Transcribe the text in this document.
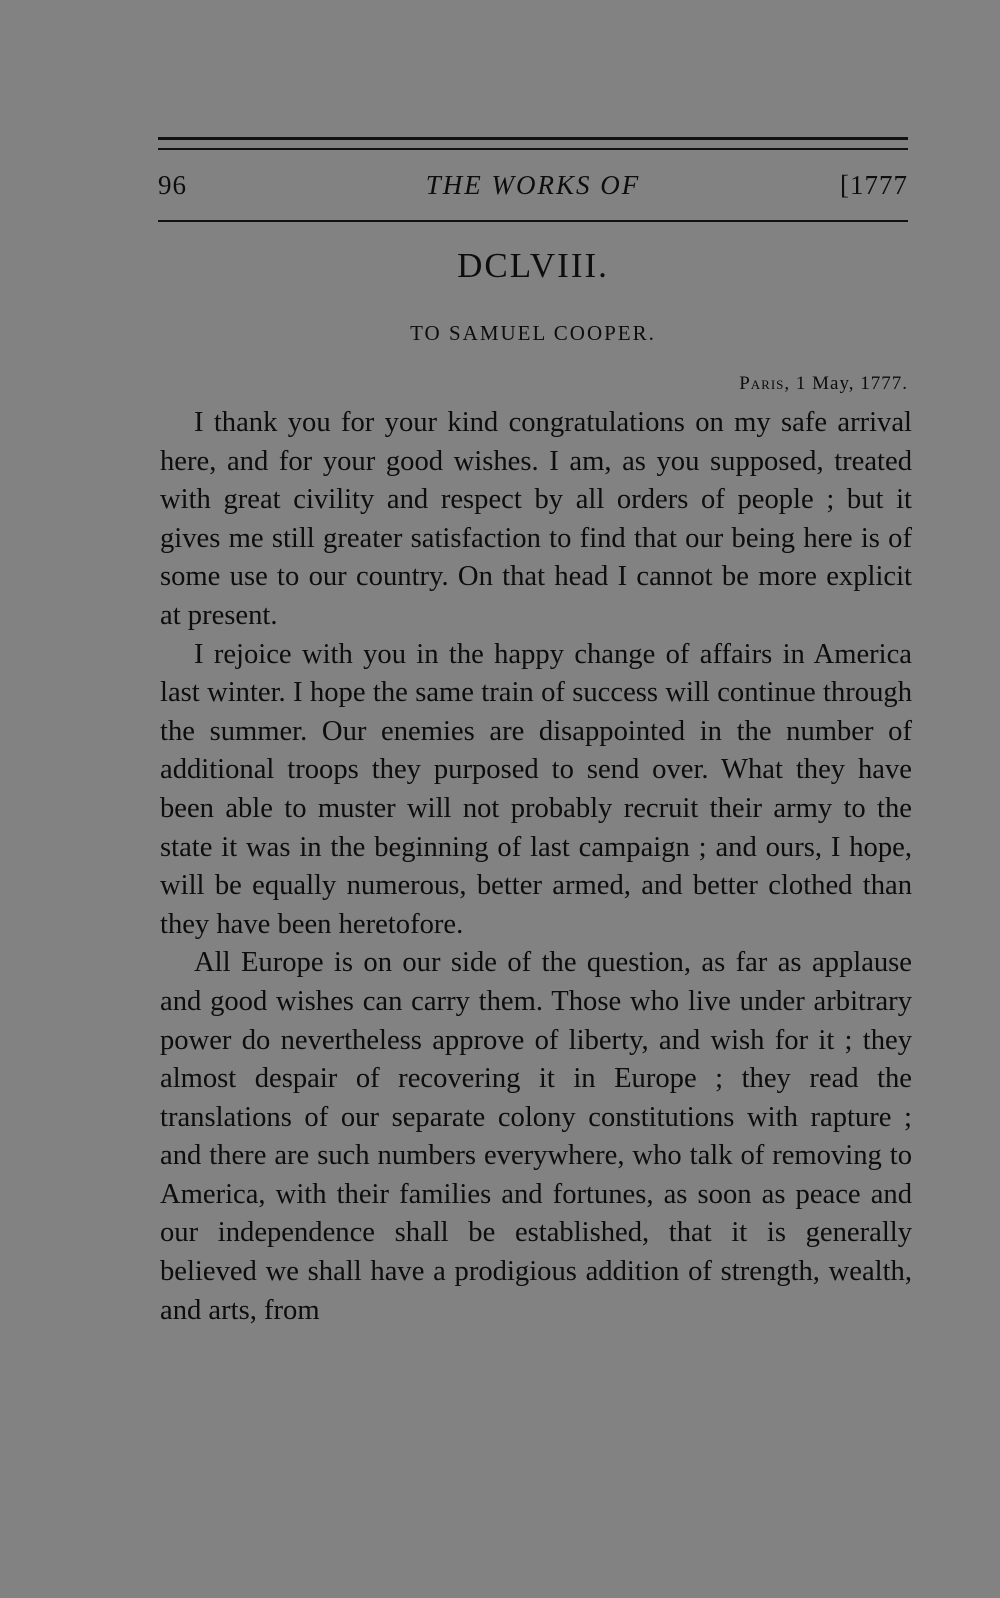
96	THE WORKS OF	[1777
DCLVIII.
TO SAMUEL COOPER.
Paris, 1 May, 1777.

I thank you for your kind congratulations on my safe arrival here, and for your good wishes. I am, as you supposed, treated with great civility and respect by all orders of people ; but it gives me still greater satisfaction to find that our being here is of some use to our country. On that head I cannot be more explicit at present.

I rejoice with you in the happy change of affairs in America last winter. I hope the same train of success will continue through the summer. Our enemies are disappointed in the number of additional troops they purposed to send over. What they have been able to muster will not probably recruit their army to the state it was in the beginning of last campaign ; and ours, I hope, will be equally numerous, better armed, and better clothed than they have been heretofore.

All Europe is on our side of the question, as far as applause and good wishes can carry them. Those who live under arbitrary power do nevertheless approve of liberty, and wish for it ; they almost despair of recovering it in Europe ; they read the translations of our separate colony constitutions with rapture ; and there are such numbers everywhere, who talk of removing to America, with their families and fortunes, as soon as peace and our independence shall be established, that it is generally believed we shall have a prodigious addition of strength, wealth, and arts, from
